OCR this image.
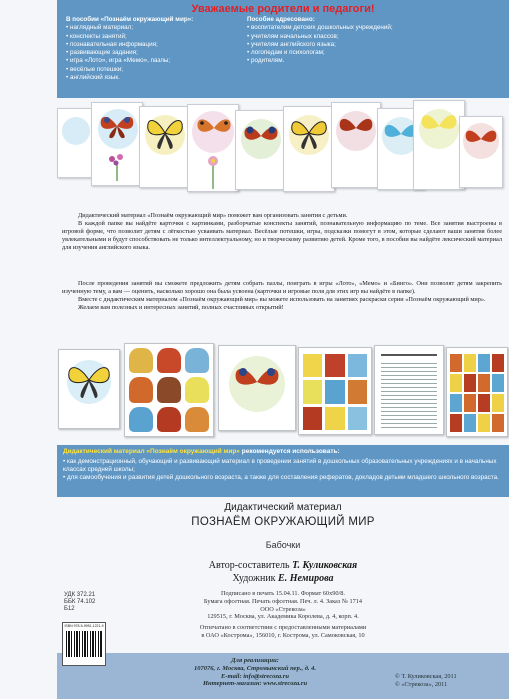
Уважаемые родители и педагоги!
В пособии «Познаём окружающий мир»:
• наглядный материал;
• конспекты занятий;
• познавательная информация;
• развивающие задания;
• игра «Лото», игра «Мемо», пазлы;
• весёлые потешки;
• английский язык.
Пособие адресовано:
• воспитателям детских дошкольных учреждений;
• учителям начальных классов;
• учителям английского языка;
• логопедам и психологам;
• родителям.

Дидактический материал «Познаём окружающий мир» поможет вам организовать занятия с детьми.

В каждой папке вы найдёте карточки с картинками, разборчатые конспекты занятий, познавательную информацию по теме. Все занятия выстроены в игровой форме, что позволит детям с лёгкостью усваивать материал. Весёлые потешки, игры, подсказки помогут в этом, которые сделают ваши занятия более увлекательными и будут способствовать не только интеллектуальному, но и творческому развитию детей. Кроме того, в пособии вы найдёте лексический материал для изучения английского языка.

После проведения занятий вы сможете предложить детям собрать пазлы, поиграть в игры «Лото», «Мемо» и «Бинго». Они позволят детям закрепить изученную тему, а вам — оценить, насколько хорошо она была усвоена (карточки и игровые поля для этих игр вы найдёте в папке).

Вместе с дидактическим материалом «Познаём окружающий мир» вы можете использовать на занятиях раскраски серии «Познаём окружающий мир».

Желаем вам полезных и интересных занятий, полных счастливых открытий!

Дидактический материал «Познаём окружающий мир» рекомендуется использовать:
• как демонстрационный, обучающий и развивающий материал в проведении занятий в дошкольных образовательных учреждениях и в начальных классах средней школы;
• для самообучения и развития детей дошкольного возраста, а также для составления рефератов, докладов детьми младшего школьного возраста.
Дидактический материал
ПОЗНАЁМ ОКРУЖАЮЩИЙ МИР
Бабочки
Автор-составитель Т. Куликовская
Художник Е. Немирова
УДК 372.21
ББК 74.102
Б12
Подписано в печать 15.04.11. Формат 60x90/8.
Бумага офсетная. Печать офсетная. Печ. л. 4. Заказ № 1714
ООО «Стрекоза»
129515, г. Москва, ул. Академика Королева, д. 4, корп. 4.
Отпечатано в соответствии с предоставленными материалами
в ОАО «Кострома», 156010, г. Кострома, ул. Самоковская, 10
ISBN 978-5-9951-1221-9
Для реализации:
107076, г. Москва, Стромынский пер., д. 4.
E-mail: info@strecoza.ru
Интернет-магазин: www.strecoza.ru
© Т. Куликовская, 2011
© «Стрекоза», 2011
